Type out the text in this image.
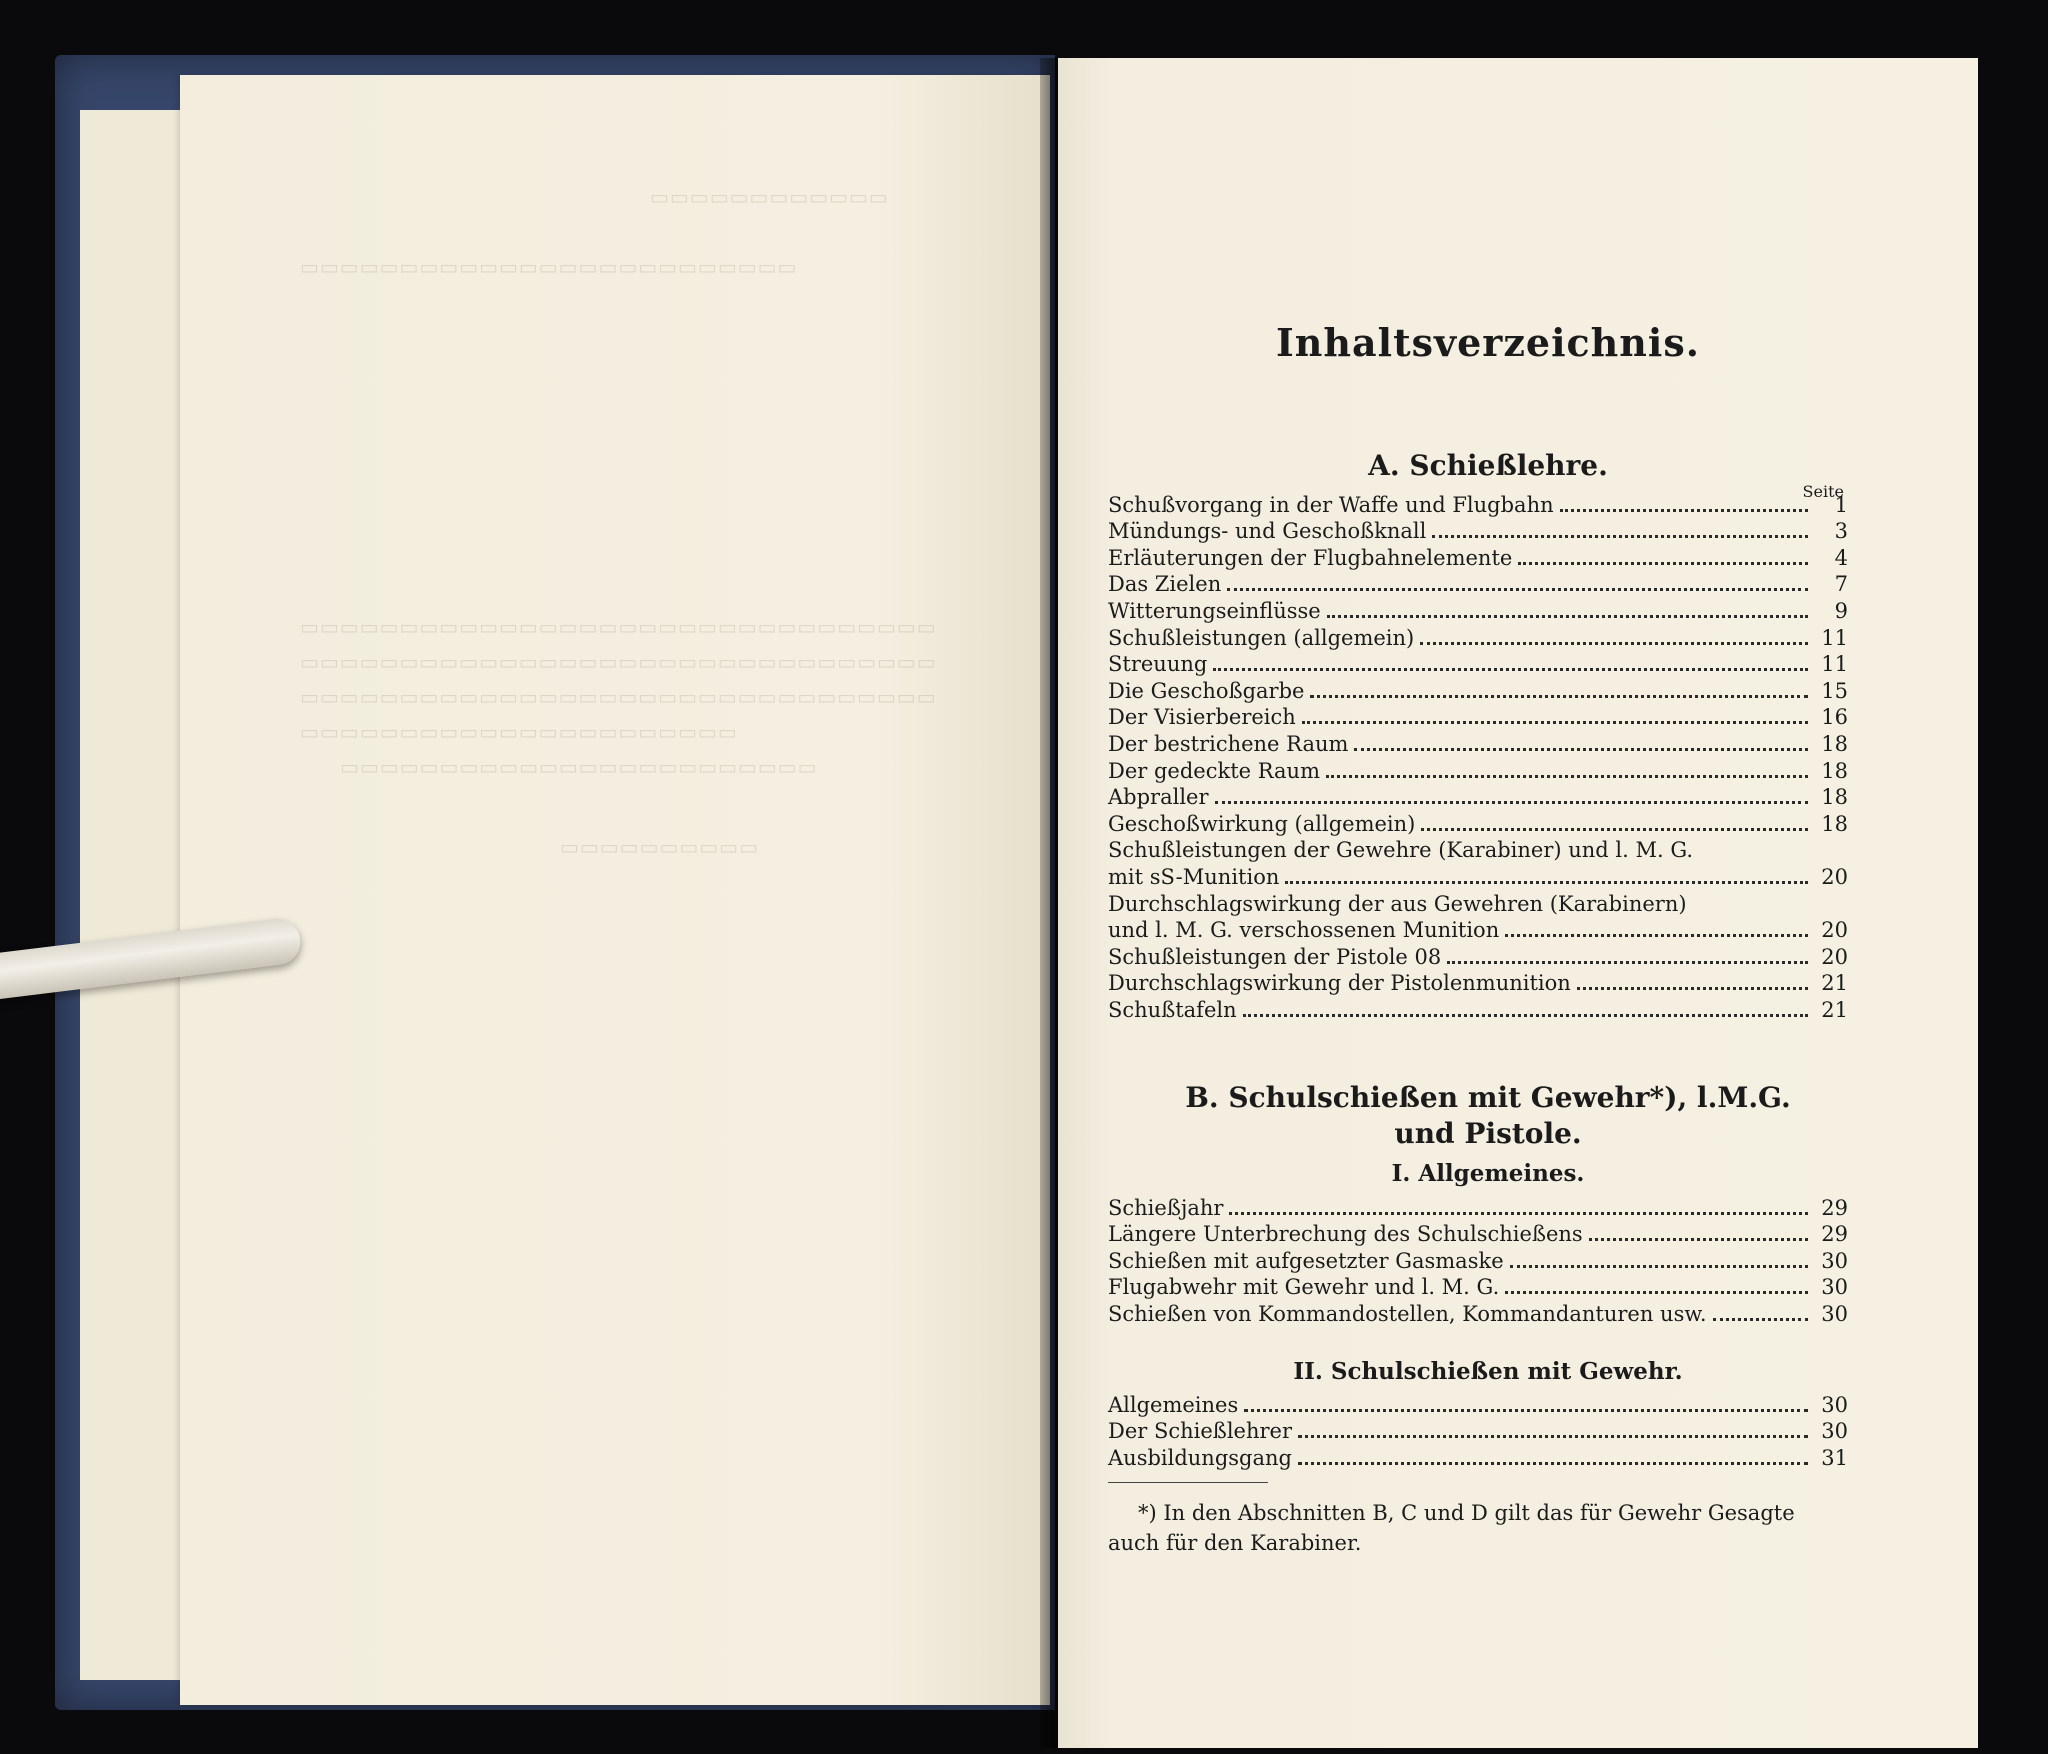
▭▭▭▭▭▭▭▭▭▭▭▭
▭▭▭▭▭▭▭▭▭▭▭▭▭▭▭▭▭▭▭▭▭▭▭▭▭
▭▭▭▭▭▭▭▭▭▭▭▭▭▭▭▭▭▭▭▭▭▭▭▭▭▭▭▭▭▭▭▭
▭▭▭▭▭▭▭▭▭▭▭▭▭▭▭▭▭▭▭▭▭▭▭▭▭▭▭▭▭▭▭▭
▭▭▭▭▭▭▭▭▭▭▭▭▭▭▭▭▭▭▭▭▭▭▭▭▭▭▭▭▭▭▭▭
▭▭▭▭▭▭▭▭▭▭▭▭▭▭▭▭▭▭▭▭▭▭
▭▭▭▭▭▭▭▭▭▭▭▭▭▭▭▭▭▭▭▭▭▭▭▭
▭▭▭▭▭▭▭▭▭▭
Inhaltsverzeichnis.
A. Schießlehre.
Seite
Schußvorgang in der Waffe und Flugbahn	1
Mündungs- und Geschoßknall	3
Erläuterungen der Flugbahnelemente	4
Das Zielen	7
Witterungseinflüsse	9
Schußleistungen (allgemein)	11
Streuung	11
Die Geschoßgarbe	15
Der Visierbereich	16
Der bestrichene Raum	18
Der gedeckte Raum	18
Abpraller	18
Geschoßwirkung (allgemein)	18
Schußleistungen der Gewehre (Karabiner) und l. M. G.
mit sS-Munition	20
Durchschlagswirkung der aus Gewehren (Karabinern)
und l. M. G. verschossenen Munition	20
Schußleistungen der Pistole 08	20
Durchschlagswirkung der Pistolenmunition	21
Schußtafeln	21
B. Schulschießen mit Gewehr*), l.M.G.
und Pistole.
I. Allgemeines.
Schießjahr	29
Längere Unterbrechung des Schulschießens	29
Schießen mit aufgesetzter Gasmaske	30
Flugabwehr mit Gewehr und l. M. G.	30
Schießen von Kommandostellen, Kommandanturen usw.	30
II. Schulschießen mit Gewehr.
Allgemeines	30
Der Schießlehrer	30
Ausbildungsgang	31
*) In den Abschnitten B, C und D gilt das für Gewehr Gesagte auch für den Karabiner.
